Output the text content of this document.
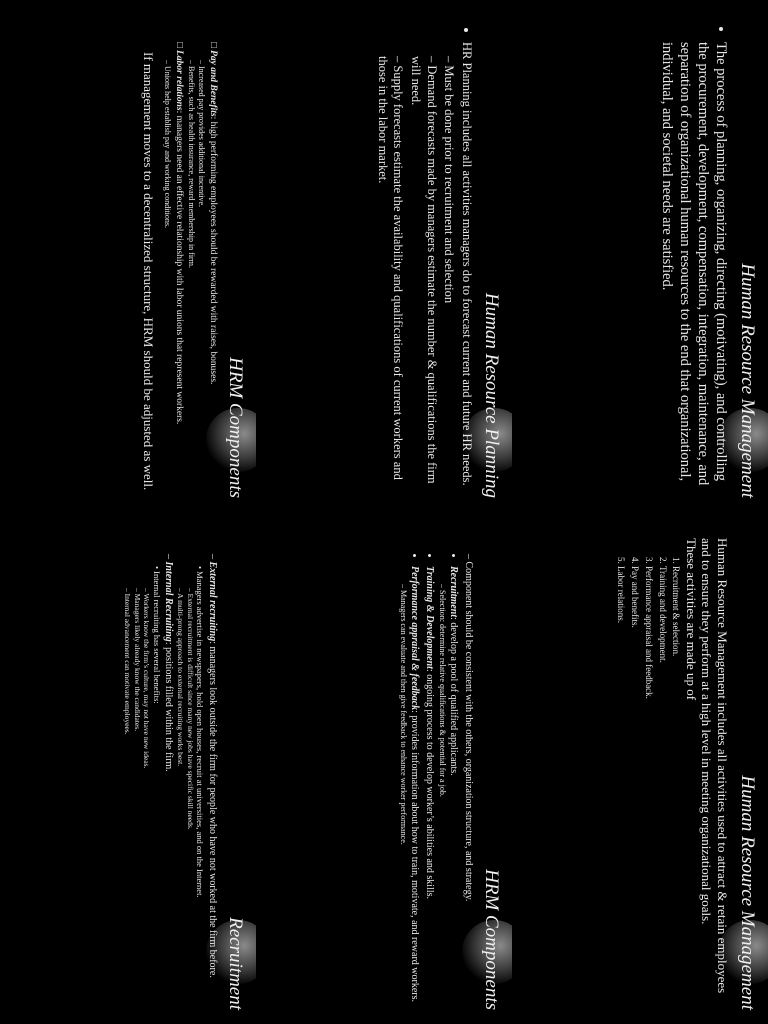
Human Resource Management
• The process of planning, organizing, directing (motivating), and controlling the procurement, development, compensation, integration, maintenance, and separation of organizational human resources to the end that organizational, individual, and societal needs are satisfied.
Human Resource Management
Human Resource Management includes all activities used to attract & retain employees and to ensure they perform at a high level in meeting organizational goals.
These activities are made up of
1. Recruitment & selection.
2. Training and development.
3. Performance appraisal and feedback.
4. Pay and benefits.
5. Labor relations.
Human Resource Planning
• HR Planning includes all activities managers do to forecast current and future HR needs.
– Must be done prior to recruitment and selection
– Demand forecasts made by managers estimate the number & qualifications the firm will need.
– Supply forecasts estimate the availability and qualifications of current workers and those in the labor market.
HRM Components
– Component should be consistent with the others, organization structure, and strategy.
• Recruitment: develop a pool of qualified applicants.
– Selection: determine relative qualifications & potential for a job.
• Training & Development: ongoing process to develop worker’s abilities and skills.
• Performance appraisal & feedback: provides information about how to train, motivate, and reward workers.
– Managers can evaluate and then give feedback to enhance worker performance.
HRM Components
□ Pay and Benefits: high performing employees should be rewarded with raises, bonuses.
– Increased pay provides additional incentive.
– Benefits, such as health insurance, reward membership in firm.
□ Labor relations: managers need an effective relationship with labor unions that represent workers.
– Unions help establish pay and working conditions.
If management moves to a decentralized structure, HRM should be adjusted as well.
Recruitment
– External recruiting: managers look outside the firm for people who have not worked at the firm before.
• Managers advertise in newspapers, hold open houses, recruit at universities, and on the Internet.
– External recruitment is difficult since many new jobs have specific skill needs.
– A multi-prong approach to external recruiting works best.
– Internal Recruiting: positions filled within the firm.
• Internal recruiting has several benefits:
– Workers know the firm’s culture, may not have new ideas.
– Managers likely already know the candidates.
– Internal advancement can motivate employees.
